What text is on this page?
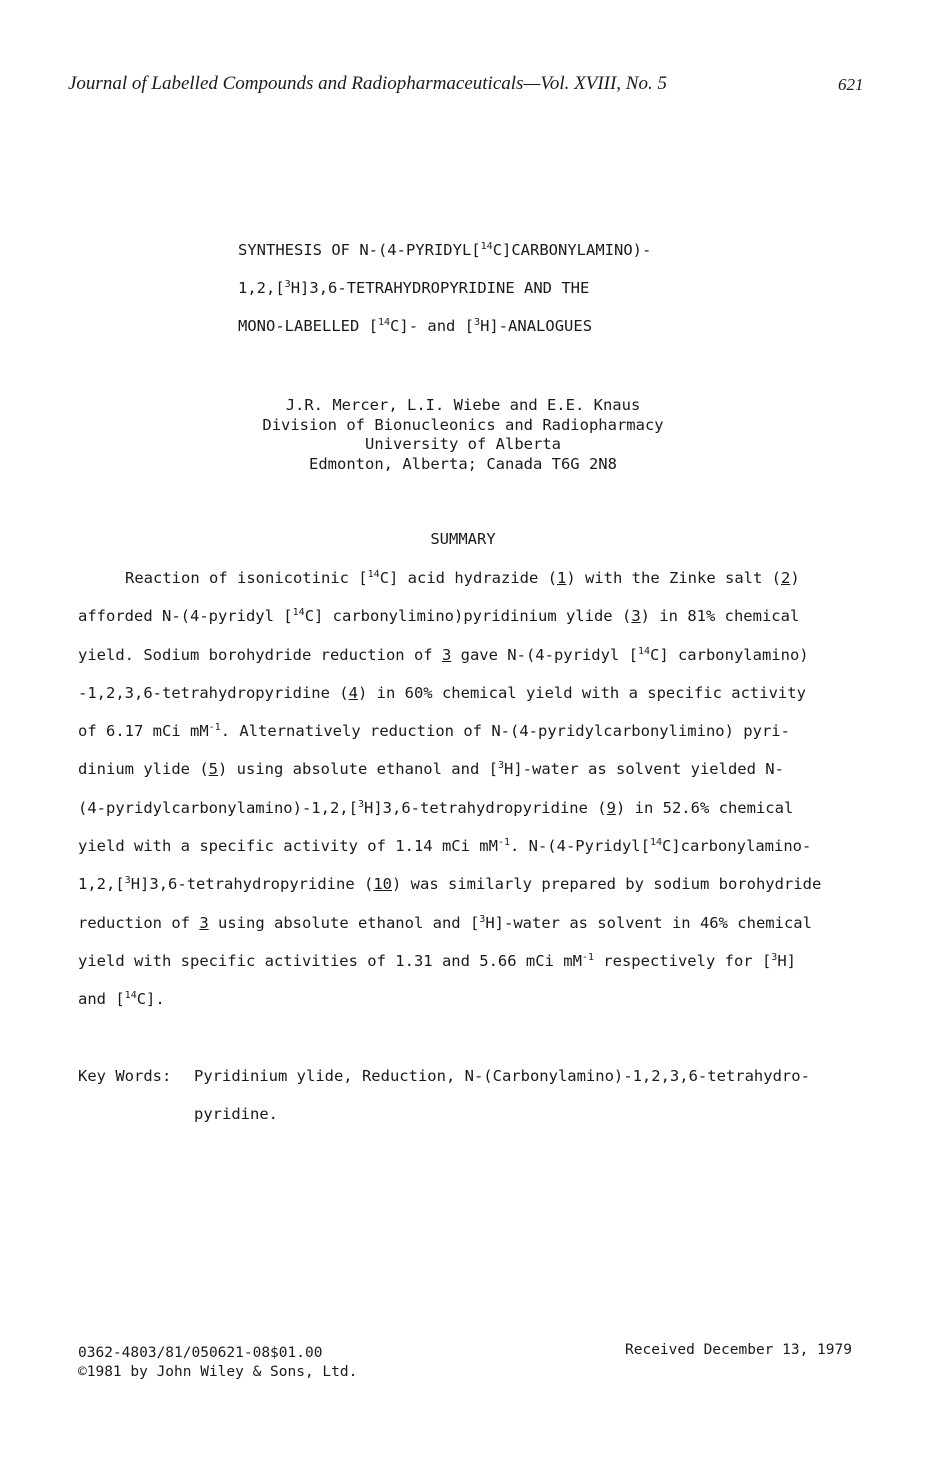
Journal of Labelled Compounds and Radiopharmaceuticals—Vol. XVIII, No. 5	621
SYNTHESIS OF N-(4-PYRIDYL[$^{14}$C]CARBONYLAMINO)-
1,2,[$^3$H]3,6-TETRAHYDROPYRIDINE AND THE
MONO-LABELLED [$^{14}$C]- and [$^3$H]-ANALOGUES
J.R. Mercer, L.I. Wiebe and E.E. Knaus
Division of Bionucleonics and Radiopharmacy
University of Alberta
Edmonton, Alberta; Canada T6G 2N8
SUMMARY
Reaction of isonicotinic [$^{14}$C] acid hydrazide (1) with the Zinke salt (2)
afforded N-(4-pyridyl [$^{14}$C] carbonylimino)pyridinium ylide (3) in 81% chemical
yield. Sodium borohydride reduction of 3 gave N-(4-pyridyl [$^{14}$C] carbonylamino)
-1,2,3,6-tetrahydropyridine (4) in 60% chemical yield with a specific activity
of 6.17 mCi $mM^{-1}$. Alternatively reduction of N-(4-pyridylcarbonylimino) pyri-
dinium ylide (5) using absolute ethanol and [$^3$H]-water as solvent yielded N-
(4-pyridylcarbonylamino)-1,2,[$^3$H]3,6-tetrahydropyridine (9) in 52.6% chemical
yield with a specific activity of 1.14 mCi $mM^{-1}$. N-(4-Pyridyl[$^{14}$C]carbonylamino-
1,2,[$^3$H]3,6-tetrahydropyridine (10) was similarly prepared by sodium borohydride
reduction of 3 using absolute ethanol and [$^3$H]-water as solvent in 46% chemical
yield with specific activities of 1.31 and 5.66 mCi $mM^{-1}$ respectively for [$^3$H]
and [$^{14}$C].
Key Words: Pyridinium ylide, Reduction, N-(Carbonylamino)-1,2,3,6-tetrahydro-
pyridine.
0362-4803/81/050621-08$01.00
©1981 by John Wiley & Sons, Ltd.
Received December 13, 1979
